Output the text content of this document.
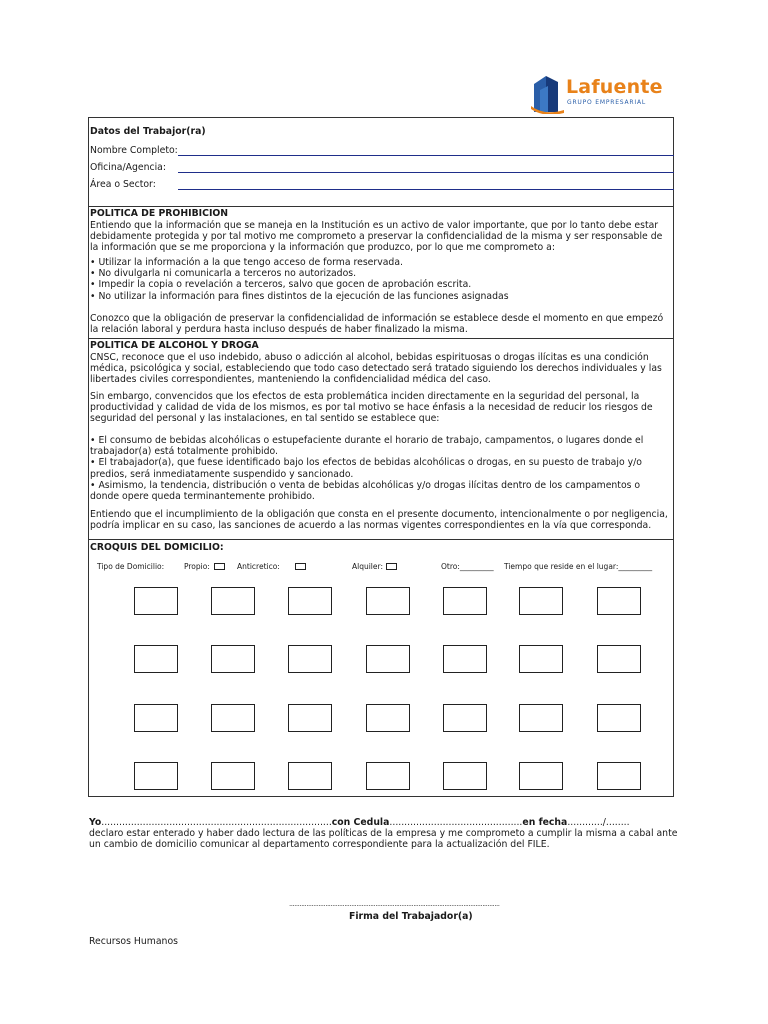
Lafuente
GRUPO EMPRESARIAL
Datos del Trabajor(ra)
Nombre Completo:
Oficina/Agencia:
Área o Sector:
POLITICA DE PROHIBICION

Entiendo que la información que se maneja en la Institución es un activo de valor importante, que por lo tanto debe estar debidamente protegida y por tal motivo me comprometo a preservar la confidencialidad de la misma y ser responsable de la información que se me proporciona y la información que produzco, por lo que me comprometo a:

• Utilizar la información a la que tengo acceso de forma reservada.
• No divulgarla ni comunicarla a terceros no autorizados.
• Impedir la copia o revelación a terceros, salvo que gocen de aprobación escrita.
• No utilizar la información para fines distintos de la ejecución de las funciones asignadas

Conozco que la obligación de preservar la confidencialidad de información se establece desde el momento en que empezó la relación laboral y perdura hasta incluso después de haber finalizado la misma.

POLITICA DE ALCOHOL Y DROGA

CNSC, reconoce que el uso indebido, abuso o adicción al alcohol, bebidas espirituosas o drogas ilícitas es una condición médica, psicológica y social, estableciendo que todo caso detectado será tratado siguiendo los derechos individuales y las libertades civiles correspondientes, manteniendo la confidencialidad médica del caso.

Sin embargo, convencidos que los efectos de esta problemática inciden directamente en la seguridad del personal, la productividad y calidad de vida de los mismos, es por tal motivo se hace énfasis a la necesidad de reducir los riesgos de seguridad del personal y las instalaciones, en tal sentido se establece que:

• El consumo de bebidas alcohólicas o estupefaciente durante el horario de trabajo, campamentos, o lugares donde el trabajador(a) está totalmente prohibido.
• El trabajador(a), que fuese identificado bajo los efectos de bebidas alcohólicas o drogas, en su puesto de trabajo y/o predios, será inmediatamente suspendido y sancionado.
• Asimismo, la tendencia, distribución o venta de bebidas alcohólicas y/o drogas ilícitas dentro de los campamentos o donde opere queda terminantemente prohibido.

Entiendo que el incumplimiento de la obligación que consta en el presente documento, intencionalmente o por negligencia, podría implicar en su caso, las sanciones de acuerdo a las normas vigentes correspondientes en la vía que corresponda.

CROQUIS DEL DOMICILIO:
Tipo de Domicilio:	Propio:	Anticretico:	Alquiler:	Otro:_________ Tiempo que reside en el lugar:_________
Yo..............................................................................con Cedula.............................................en fecha............/........
declaro estar enterado y haber dado lectura de las políticas de la empresa y me comprometo a cumplir la misma a cabal ante un cambio de domicilio comunicar al departamento correspondiente para la actualización del FILE.
..........................................................................................................................
Firma del Trabajador(a)
Recursos Humanos
